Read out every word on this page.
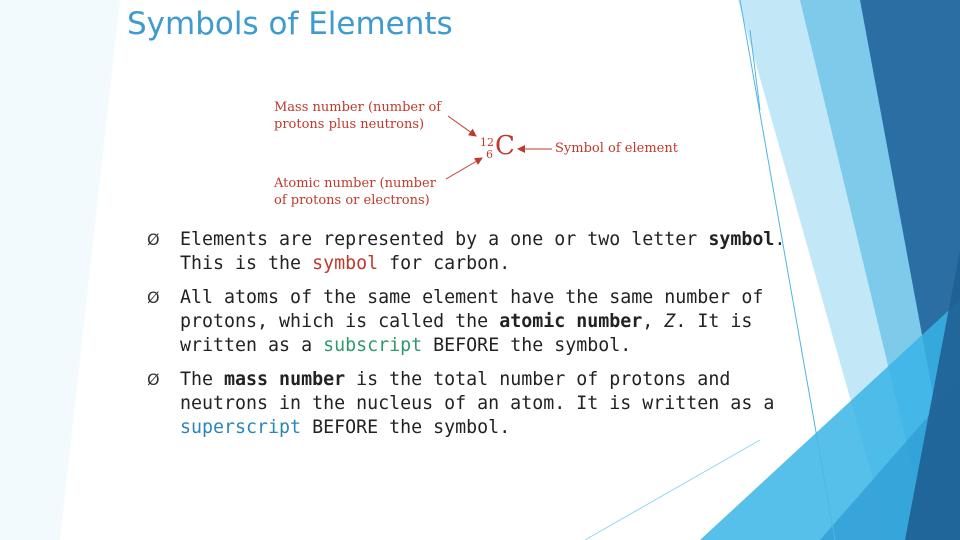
Symbols of Elements
Mass number (number of
protons plus neutrons)
Atomic number (number
of protons or electrons)
Symbol of element
12
6 C
Ø Elements are represented by a one or two letter symbol. This is the symbol for carbon.
Ø All atoms of the same element have the same number of protons, which is called the atomic number, Z. It is written as a subscript BEFORE the symbol.
Ø The mass number is the total number of protons and neutrons in the nucleus of an atom. It is written as a superscript BEFORE the symbol.
